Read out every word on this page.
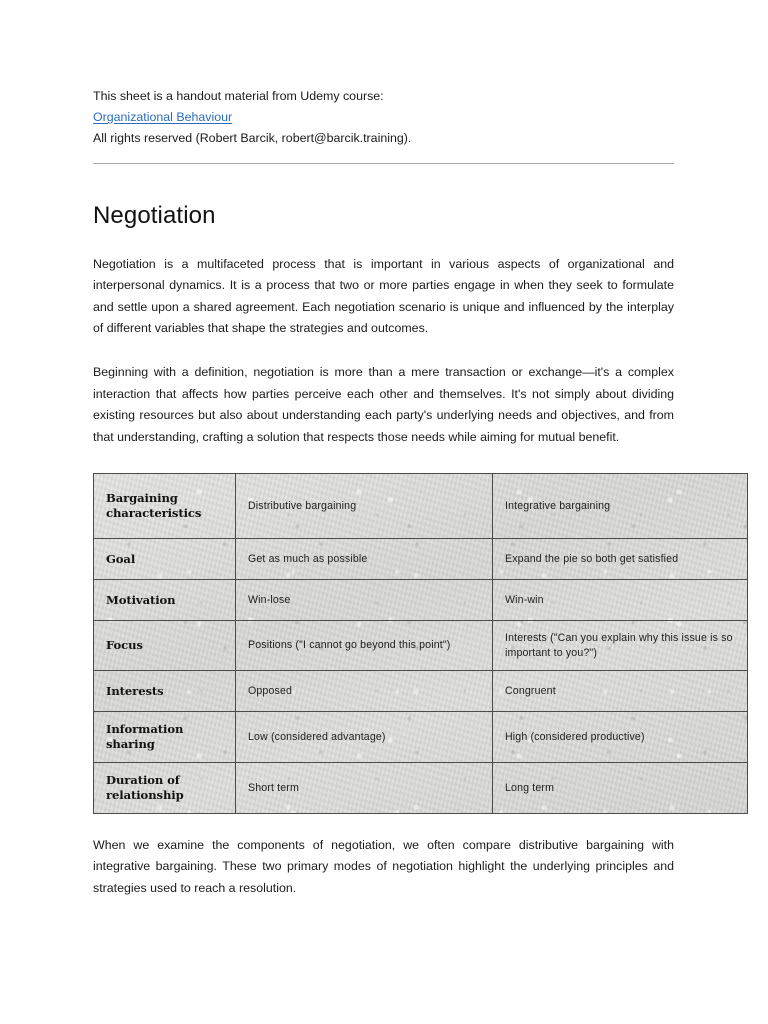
This sheet is a handout material from Udemy course:
Organizational Behaviour
All rights reserved (Robert Barcik, robert@barcik.training).
Negotiation

Negotiation is a multifaceted process that is important in various aspects of organizational and interpersonal dynamics. It is a process that two or more parties engage in when they seek to formulate and settle upon a shared agreement. Each negotiation scenario is unique and influenced by the interplay of different variables that shape the strategies and outcomes.

Beginning with a definition, negotiation is more than a mere transaction or exchange—it's a complex interaction that affects how parties perceive each other and themselves. It's not simply about dividing existing resources but also about understanding each party's underlying needs and objectives, and from that understanding, crafting a solution that respects those needs while aiming for mutual benefit.

Bargaining characteristics	Distributive bargaining	Integrative bargaining
Goal	Get as much as possible	Expand the pie so both get satisfied
Motivation	Win-lose	Win-win
Focus	Positions ("I cannot go beyond this point")	Interests ("Can you explain why this issue is so important to you?")
Interests	Opposed	Congruent
Information sharing	Low (considered advantage)	High (considered productive)
Duration of relationship	Short term	Long term

When we examine the components of negotiation, we often compare distributive bargaining with integrative bargaining. These two primary modes of negotiation highlight the underlying principles and strategies used to reach a resolution.
